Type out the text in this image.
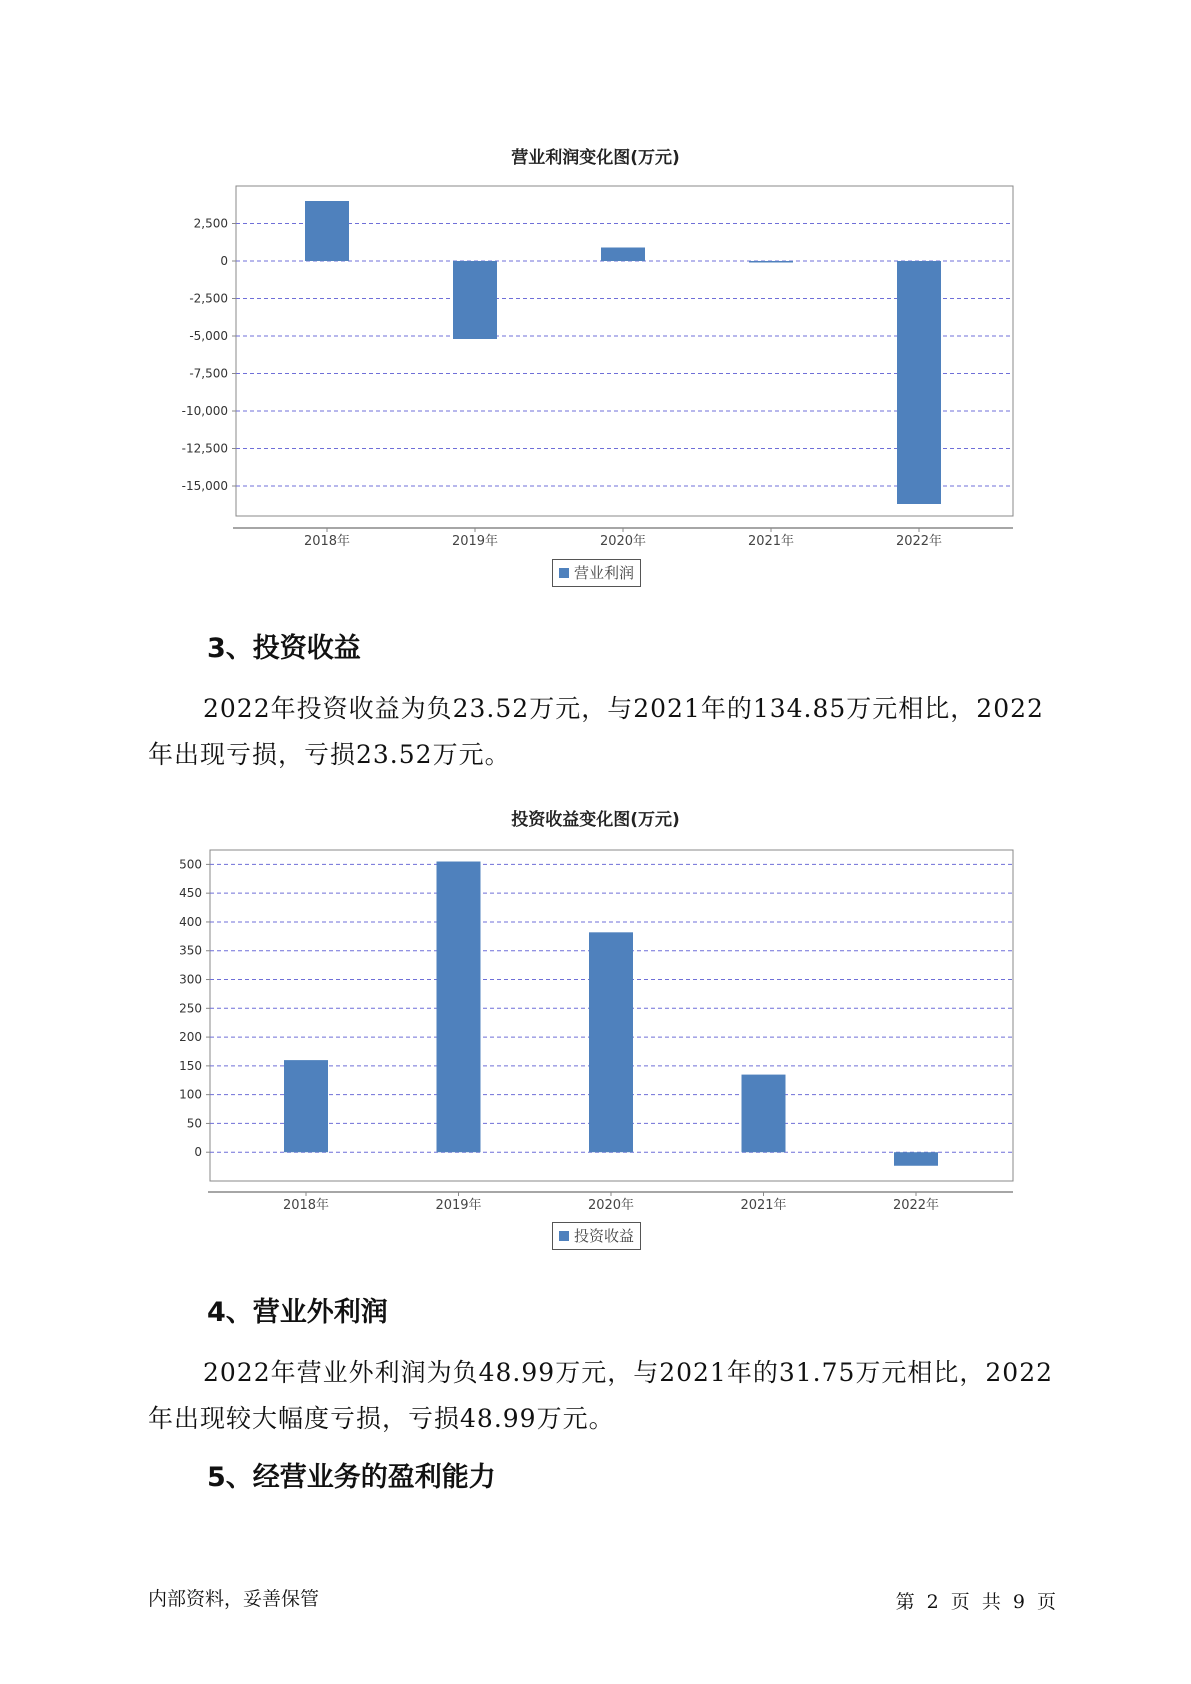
营业利润变化图(万元)
2,500
0
-2,500
-5,000
-7,500
-10,000
-12,500
-15,000
2018年	2019年	2020年	2021年	2022年
营业利润
3、投资收益
2022年投资收益为负23.52万元，与2021年的134.85万元相比，2022年出现亏损，亏损23.52万元。
投资收益变化图(万元)
500
450
400
350
300
250
200
150
100
50
0
2018年	2019年	2020年	2021年	2022年
投资收益
4、营业外利润
2022年营业外利润为负48.99万元，与2021年的31.75万元相比，2022年出现较大幅度亏损，亏损48.99万元。
5、经营业务的盈利能力
内部资料，妥善保管	第 2 页 共 9 页
